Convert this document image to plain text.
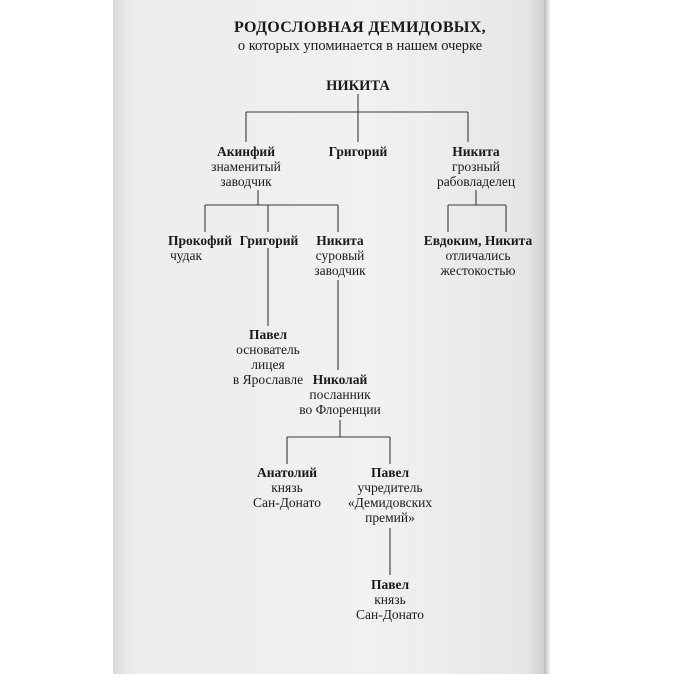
РОДОСЛОВНАЯ ДЕМИДОВЫХ,
о которых упоминается в нашем очерке
НИКИТА
Акинфий
знаменитый
заводчик
Григорий	Никита
грозный
рабовладелец
Прокофий
чудак
Григорий	Никита
суровый
заводчик
Евдоким, Никита
отличались
жестокостью
Павел
основатель
лицея
в Ярославле Николай
посланник
во Флоренции
Анатолий
князь
Сан-Донато
Павел
учредитель
«Демидовских
премий»
Павел
князь
Сан-Донато
